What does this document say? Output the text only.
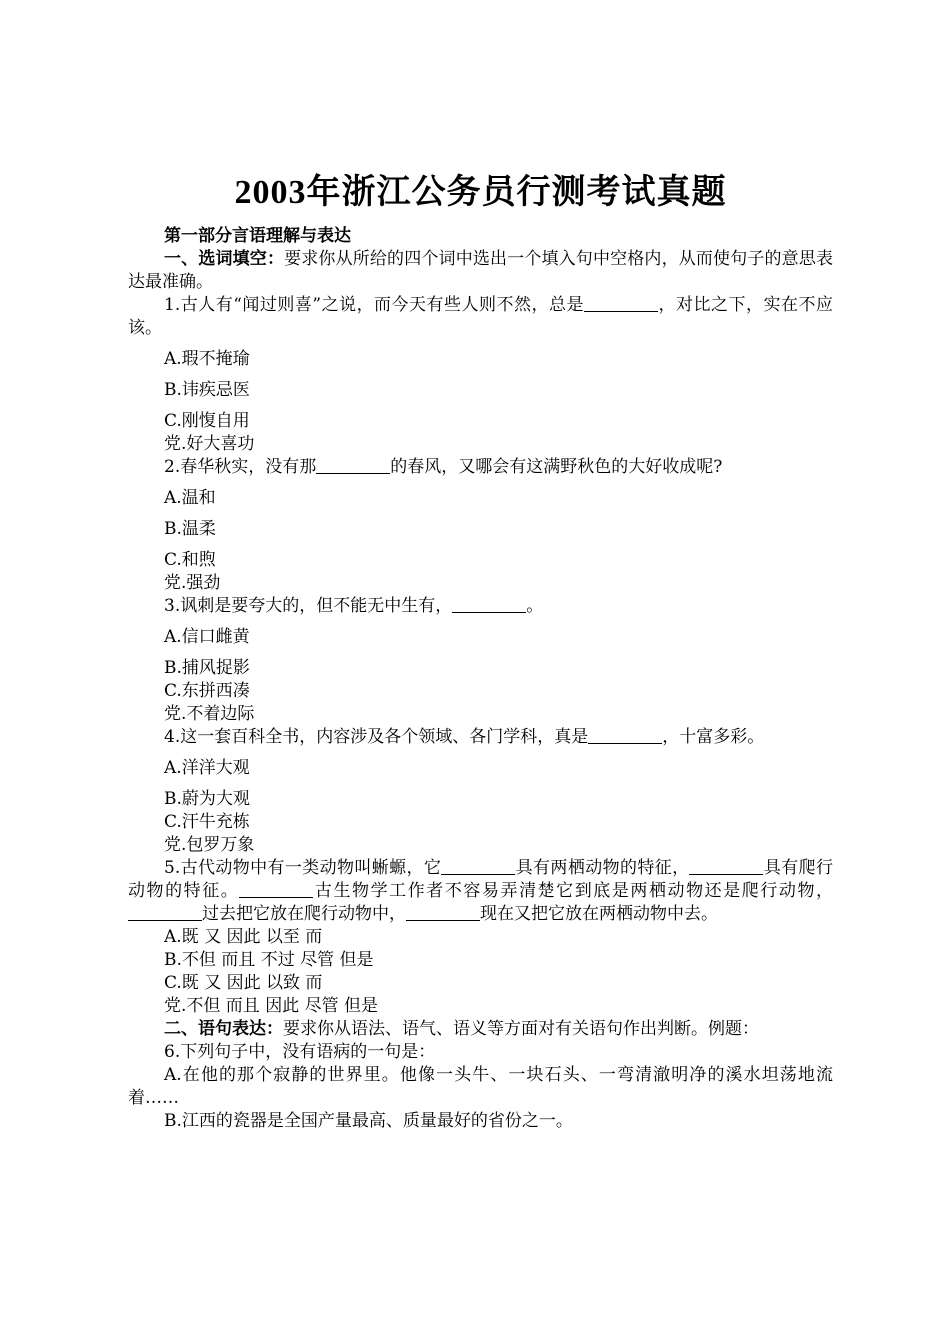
2003年浙江公务员行测考试真题

第一部分言语理解与表达

一、选词填空：要求你从所给的四个词中选出一个填入句中空格内，从而使句子的意思表达最准确。

1.古人有“闻过则喜”之说，而今天有些人则不然，总是	，对比之下，实在不应该。

A.瑕不掩瑜

B.讳疾忌医

C.刚愎自用

党.好大喜功

2.春华秋实，没有那	的春风，又哪会有这满野秋色的大好收成呢?

A.温和

B.温柔

C.和煦

党.强劲

3.讽刺是要夸大的，但不能无中生有，	。

A.信口雌黄

B.捕风捉影

C.东拼西凑

党.不着边际

4.这一套百科全书，内容涉及各个领域、各门学科，真是	，十富多彩。

A.洋洋大观

B.蔚为大观

C.汗牛充栋

党.包罗万象

5.古代动物中有一类动物叫蜥螈，它	具有两栖动物的特征，	具有爬行动物的特征。	古生物学工作者不容易弄清楚它到底是两栖动物还是爬行动物，过去把它放在爬行动物中，	现在又把它放在两栖动物中去。

A.既 又 因此 以至 而

B.不但 而且 不过 尽管 但是

C.既 又 因此 以致 而

党.不但 而且 因此 尽管 但是

二、语句表达：要求你从语法、语气、语义等方面对有关语句作出判断。例题：

6.下列句子中，没有语病的一句是：

A.在他的那个寂静的世界里。他像一头牛、一块石头、一弯清澈明净的溪水坦荡地流着……

B.江西的瓷器是全国产量最高、质量最好的省份之一。
